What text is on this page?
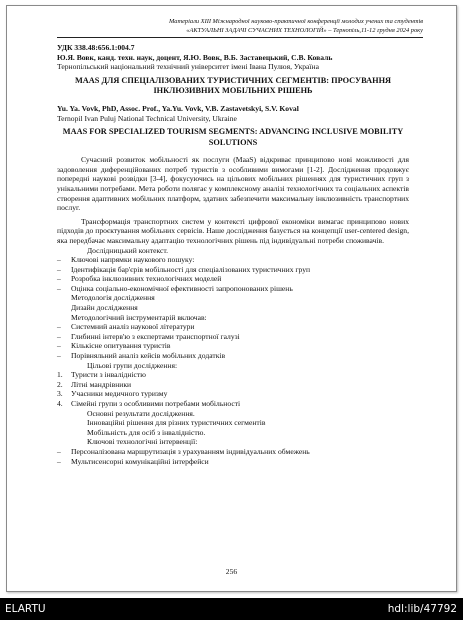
Матеріали XIII Міжнародної науково-практичної конференції молодих учених та студентів
«АКТУАЛЬНІ ЗАДАЧІ СУЧАСНИХ ТЕХНОЛОГІЙ» – Тернопіль,11-12 грудня 2024 року
УДК 338.48:656.1:004.7
Ю.Я. Вовк, канд. техн. наук, доцент, Я.Ю. Вовк, В.Б. Заставецький, С.В. Коваль
Тернопільський національний технічний університет імені Івана Пулюя, Україна
MAAS ДЛЯ СПЕЦІАЛІЗОВАНИХ ТУРИСТИЧНИХ СЕГМЕНТІВ: ПРОСУВАННЯ ІНКЛЮЗИВНИХ МОБІЛЬНИХ РІШЕНЬ
Yu. Ya. Vovk, PhD, Assoc. Prof., Ya.Yu. Vovk, V.B. Zastavetskyi, S.V. Koval
Ternopil Ivan Puluj National Technical University, Ukraine
MAAS FOR SPECIALIZED TOURISM SEGMENTS: ADVANCING INCLUSIVE MOBILITY SOLUTIONS
Сучасний розвиток мобільності як послуги (MaaS) відкриває принципово нові можливості для задоволення диференційованих потреб туристів з особливими вимогами [1-2]. Дослідження продовжує попередні наукові розвідки [3-4], фокусуючись на цільових мобільних рішеннях для туристичних груп з унікальними потребами. Мета роботи полягає у комплексному аналізі технологічних та соціальних аспектів створення адаптивних мобільних платформ, здатних забезпечити максимальну інклюзивність транспортних послуг.
Трансформація транспортних систем у контексті цифрової економіки вимагає принципово нових підходів до проєктування мобільних сервісів. Наше дослідження базується на концепції user-centered design, яка передбачає максимальну адаптацію технологічних рішень під індивідуальні потреби споживачів.
Дослідницький контекст.
– Ключові напрямки наукового пошуку:
– Ідентифікація бар'єрів мобільності для спеціалізованих туристичних груп
– Розробка інклюзивних технологічних моделей
– Оцінка соціально-економічної ефективності запропонованих рішень
Методологія дослідження
Дизайн дослідження
Методологічний інструментарій включав:
– Системний аналіз наукової літератури
– Глибинні інтерв'ю з експертами транспортної галузі
– Кількісне опитування туристів
– Порівняльний аналіз кейсів мобільних додатків
Цільові групи дослідження:
1. Туристи з інвалідністю
2. Літні мандрівники
3. Учасники медичного туризму
4. Сімейні групи з особливими потребами мобільності
Основні результати дослідження.
Інноваційні рішення для різних туристичних сегментів
Мобільність для осіб з інвалідністю.
Ключові технологічні інтервенції:
– Персоналізована маршрутизація з урахуванням індивідуальних обмежень
– Мультисенсорні комунікаційні інтерфейси
256
ELARTU	hdl:lib/47792
